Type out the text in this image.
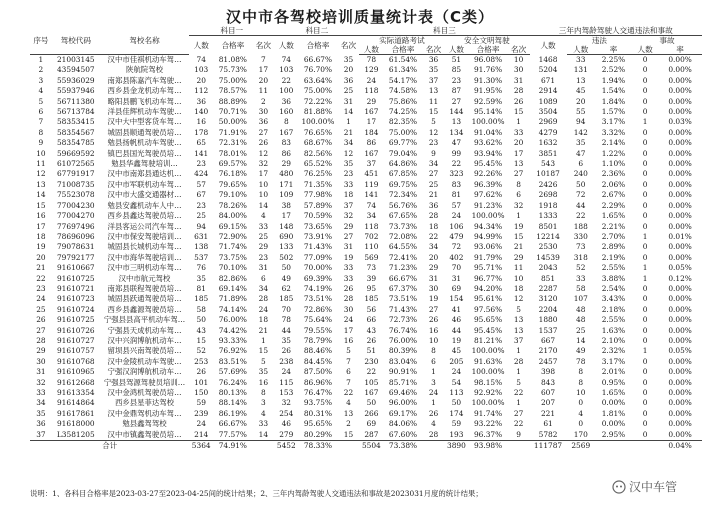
汉中市各驾校培训质量统计表（C类）
序号	驾校代码	驾校名称	科目一			科目二			科目三						三年内驾龄驾驶人交通违法和事故				
			人数	合格率	名次	人数	合格率	名次	实际道路考试			安全文明驾驶			人数	违法		事故	
									人数	合格率	名次	人数	合格率	名次		人数	率	人数	率
1	21003145	汉中市佳祺机动车驾…	74	81.08%	7	74	66.67%	35	78	61.54%	36	51	96.08%	10	1468	33	2.25%	0	0.00%
2	43594507	陕航院驾校	103	75.73%	17	103	76.70%	20	129	61.34%	35	85	91.76%	30	5204	131	2.52%	0	0.00%
3	55936029	南郑县陈嘉汽车驾驶…	20	75.00%	20	22	63.64%	36	24	54.17%	37	23	91.30%	31	671	13	1.94%	0	0.00%
4	55937946	西乡县金龙机动车驾…	112	78.57%	11	100	75.00%	25	118	74.58%	13	87	91.95%	28	2914	45	1.54%	0	0.00%
5	56711380	略阳县鹏飞机动车驾…	36	88.89%	2	36	72.22%	31	29	75.86%	11	27	92.59%	26	1089	20	1.84%	0	0.00%
6	56713784	洋县佳辉机动车驾驶…	140	70.71%	30	160	81.88%	14	167	74.25%	15	144	95.14%	15	3504	55	1.57%	0	0.00%
7	58353415	汉中大中型客货车驾…	16	50.00%	36	8	100.00%	1	17	82.35%	5	13	100.00%	1	2969	94	3.17%	1	0.03%
8	58354567	城固县顺通驾驶员培…	178	71.91%	27	167	76.65%	21	184	75.00%	12	134	91.04%	33	4279	142	3.32%	0	0.00%
9	58354785	勉县扬帆机动车驾驶…	65	72.31%	26	83	68.67%	34	86	69.77%	23	47	93.62%	20	1632	35	2.14%	0	0.00%
10	59669592	镇巴县国光驾驶员培…	141	78.01%	12	86	82.56%	12	167	79.04%	9	99	93.94%	17	3851	47	1.22%	0	0.00%
11	61072565	勉县华鑫驾驶培训…	23	69.57%	32	29	65.52%	35	37	64.86%	34	22	95.45%	13	543	6	1.10%	0	0.00%
12	67791917	汉中市南郑县通达机…	424	76.18%	17	480	76.25%	23	451	67.85%	27	323	92.26%	27	10187	240	2.36%	0	0.00%
13	71008735	汉中市军联机动车驾…	57	79.65%	10	171	71.35%	33	119	69.75%	25	83	96.39%	8	2426	50	2.06%	0	0.00%
14	75523078	汉中市大盛交通器材…	67	79.10%	10	109	77.98%	18	141	72.34%	21	81	97.62%	6	2698	72	2.67%	0	0.00%
15	77004230	勉县安鑫机动车人中…	23	78.26%	14	38	57.89%	37	74	56.76%	36	57	91.23%	32	1918	44	2.29%	0	0.00%
16	77004270	西乡县鑫达驾驶员培…	25	84.00%	4	17	70.59%	32	34	67.65%	28	24	100.00%	1	1333	22	1.65%	0	0.00%
17	77697496	洋县客运公司汽车驾…	94	69.15%	33	148	73.65%	29	118	73.73%	18	106	94.34%	19	8501	188	2.21%	0	0.00%
18	78696096	汉中市保安驾驶培训…	631	72.90%	25	690	73.91%	27	702	72.08%	22	479	94.99%	15	12214	330	2.70%	1	0.01%
19	79078631	城固县长城机动车驾…	138	71.74%	29	133	71.43%	31	110	64.55%	34	72	93.06%	21	2530	73	2.89%	0	0.00%
20	79792177	汉中市海华驾驶培训…	537	73.75%	23	502	77.09%	19	569	72.41%	20	402	91.79%	29	14539	318	2.19%	0	0.00%
21	91610667	汉中市三明机动车驾…	76	70.10%	31	50	70.00%	33	73	71.23%	29	70	95.71%	11	2043	52	2.55%	1	0.05%
22	91610725	汉中市航元驾校	35	82.86%	6	49	69.39%	33	39	66.67%	31	31	96.77%	10	851	33	3.88%	1	0.12%
23	91610721	南郑县联程驾驶员培…	81	69.14%	34	62	74.19%	26	95	67.37%	30	69	94.20%	18	2287	58	2.54%	0	0.00%
24	91610723	城固县跃通驾驶员培…	185	71.89%	28	185	73.51%	28	185	73.51%	19	154	95.61%	12	3120	107	3.43%	0	0.00%
25	91610724	西乡县鑫源驾驶员培…	58	74.14%	24	70	72.86%	30	56	71.43%	27	41	97.56%	5	2204	48	2.18%	0	0.00%
26	91610725	宁强县县高平机动车驾…	50	76.00%	18	78	75.64%	24	66	72.73%	26	46	95.65%	13	1880	48	2.55%	0	0.00%
27	91610726	宁强县天成机动车驾…	43	74.42%	21	44	79.55%	17	43	76.74%	16	44	95.45%	13	1537	25	1.63%	0	0.00%
28	91610727	汉中兴润博航机动车…	15	93.33%	1	35	78.79%	16	26	76.00%	10	19	81.21%	37	667	14	2.10%	0	0.00%
29	91610757	留坝县兴南驾驶员培…	52	76.92%	15	26	88.46%	5	51	80.39%	8	45	100.00%	1	2170	49	2.32%	1	0.05%
30	91610768	汉中金陵机动车驾驶…	253	83.51%	5	238	84.45%	7	230	83.04%	6	205	91.63%	28	2457	78	3.17%	0	0.00%
31	91610965	宁强汉润博航机动车…	26	57.69%	35	24	87.50%	6	22	90.91%	1	24	100.00%	1	398	8	2.01%	0	0.00%
32	91612668	宁强县驾源驾驶员培训…	101	76.24%	16	115	86.96%	7	105	85.71%	3	54	98.15%	5	843	8	0.95%	0	0.00%
33	91613354	汉中金鸿机驾驶员培…	150	80.13%	8	153	76.47%	22	167	69.46%	24	113	92.92%	22	607	10	1.65%	0	0.00%
34	91614864	西乡县星菲达驾校	59	88.14%	3	32	93.75%	4	50	96.00%	1	50	100.00%	1	207	0	0.00%	0	0.00%
35	91617861	汉中金鼎驾机动车驾…	239	86.19%	4	254	80.31%	13	266	69.17%	26	174	91.74%	27	221	4	1.81%	0	0.00%
36	91618000	勉县鑫驾驾校	24	66.67%	33	46	95.65%	2	69	84.06%	4	59	93.22%	22	61	0	0.00%	0	0.00%
37	L3581205	汉中市镇鑫驾驶员培…	214	77.57%	14	279	80.29%	15	287	67.60%	28	193	96.37%	9	5782	170	2.95%	0	0.00%
合计			5364	74.91%		5452	78.33%		5504	73.38%		3890	93.98%		111787	2569			0.04%
说明：1、各科目合格率是2023-03-27至2023-04-25间的统计结果；2、三年内驾龄驾驶人交通违法和事故是2023031月度的统计结果；	汉中车管
